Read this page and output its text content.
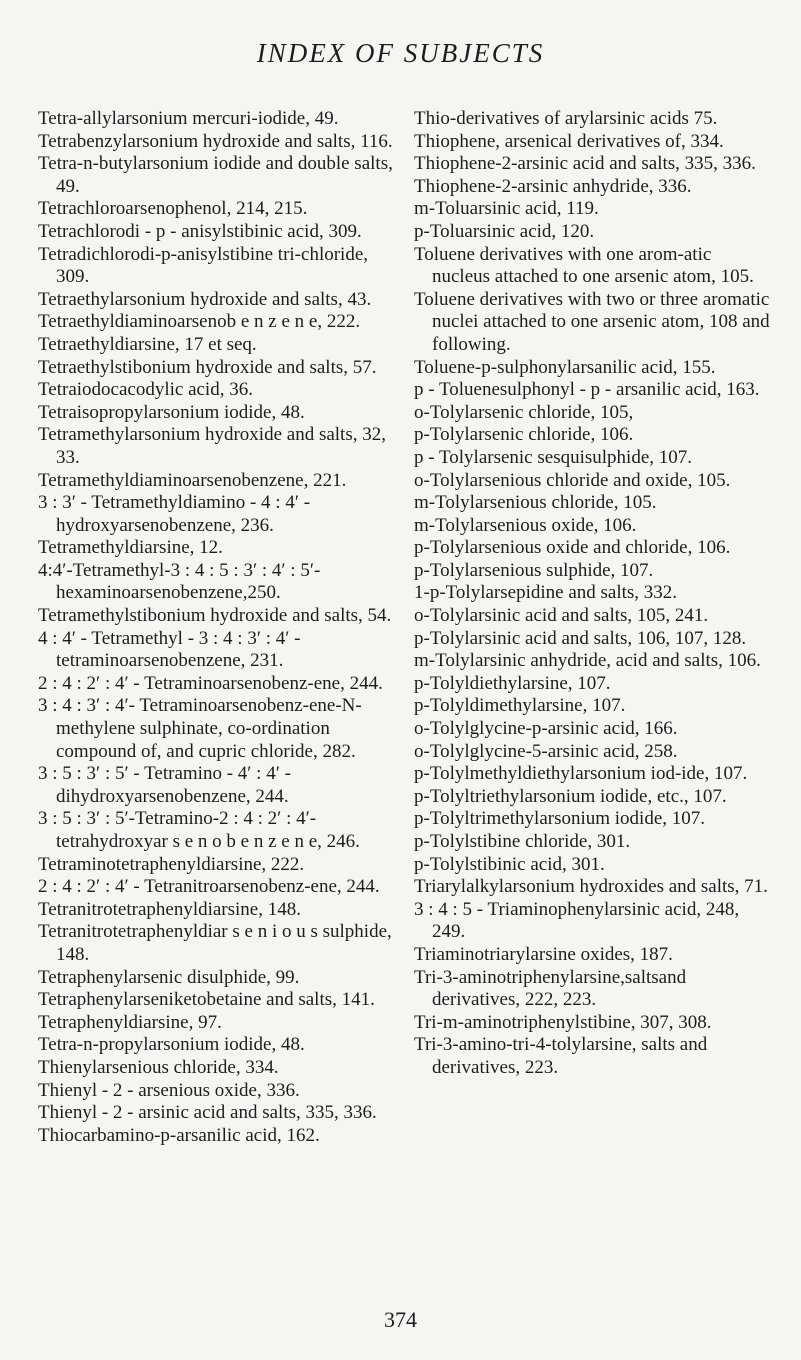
INDEX OF SUBJECTS
Tetra-allylarsonium mercuri-iodide, 49.
Tetrabenzylarsonium hydroxide and salts, 116.
Tetra-n-butylarsonium iodide and double salts, 49.
Tetrachloroarsenophenol, 214, 215.
Tetrachlorodi - p - anisylstibinic acid, 309.
Tetradichlorodi-p-anisylstibine tri-chloride, 309.
Tetraethylarsonium hydroxide and salts, 43.
Tetraethyldiaminoarsenob e n z e n e, 222.
Tetraethyldiarsine, 17 et seq.
Tetraethylstibonium hydroxide and salts, 57.
Tetraiodocacodylic acid, 36.
Tetraisopropylarsonium iodide, 48.
Tetramethylarsonium hydroxide and salts, 32, 33.
Tetramethyldiaminoarsenobenzene, 221.
3 : 3′ - Tetramethyldiamino - 4 : 4′ - hydroxyarsenobenzene, 236.
Tetramethyldiarsine, 12.
4:4′-Tetramethyl-3 : 4 : 5 : 3′ : 4′ : 5′-hexaminoarsenobenzene,250.
Tetramethylstibonium hydroxide and salts, 54.
4 : 4′ - Tetramethyl - 3 : 4 : 3′ : 4′ - tetraminoarsenobenzene, 231.
2 : 4 : 2′ : 4′ - Tetraminoarsenobenz-ene, 244.
3 : 4 : 3′ : 4′- Tetraminoarsenobenz-ene-N-methylene sulphinate, co-ordination compound of, and cupric chloride, 282.
3 : 5 : 3′ : 5′ - Tetramino - 4′ : 4′ - dihydroxyarsenobenzene, 244.
3 : 5 : 3′ : 5′-Tetramino-2 : 4 : 2′ : 4′-tetrahydroxyar s e n o b e n z e n e, 246.
Tetraminotetraphenyldiarsine, 222.
2 : 4 : 2′ : 4′ - Tetranitroarsenobenz-ene, 244.
Tetranitrotetraphenyldiarsine, 148.
Tetranitrotetraphenyldiar s e n i o u s sulphide, 148.
Tetraphenylarsenic disulphide, 99.
Tetraphenylarseniketobetaine and salts, 141.
Tetraphenyldiarsine, 97.
Tetra-n-propylarsonium iodide, 48.
Thienylarsenious chloride, 334.
Thienyl - 2 - arsenious oxide, 336.
Thienyl - 2 - arsinic acid and salts, 335, 336.
Thiocarbamino-p-arsanilic acid, 162.
Thio-derivatives of arylarsinic acids 75.
Thiophene, arsenical derivatives of, 334.
Thiophene-2-arsinic acid and salts, 335, 336.
Thiophene-2-arsinic anhydride, 336.
m-Toluarsinic acid, 119.
p-Toluarsinic acid, 120.
Toluene derivatives with one arom-atic nucleus attached to one arsenic atom, 105.
Toluene derivatives with two or three aromatic nuclei attached to one arsenic atom, 108 and following.
Toluene-p-sulphonylarsanilic acid, 155.
p - Toluenesulphonyl - p - arsanilic acid, 163.
o-Tolylarsenic chloride, 105,
p-Tolylarsenic chloride, 106.
p - Tolylarsenic sesquisulphide, 107.
o-Tolylarsenious chloride and oxide, 105.
m-Tolylarsenious chloride, 105.
m-Tolylarsenious oxide, 106.
p-Tolylarsenious oxide and chloride, 106.
p-Tolylarsenious sulphide, 107.
1-p-Tolylarsepidine and salts, 332.
o-Tolylarsinic acid and salts, 105, 241.
p-Tolylarsinic acid and salts, 106, 107, 128.
m-Tolylarsinic anhydride, acid and salts, 106.
p-Tolyldiethylarsine, 107.
p-Tolyldimethylarsine, 107.
o-Tolylglycine-p-arsinic acid, 166.
o-Tolylglycine-5-arsinic acid, 258.
p-Tolylmethyldiethylarsonium iod-ide, 107.
p-Tolyltriethylarsonium iodide, etc., 107.
p-Tolyltrimethylarsonium iodide, 107.
p-Tolylstibine chloride, 301.
p-Tolylstibinic acid, 301.
Triarylalkylarsonium hydroxides and salts, 71.
3 : 4 : 5 - Triaminophenylarsinic acid, 248, 249.
Triaminotriarylarsine oxides, 187.
Tri-3-aminotriphenylarsine,saltsand derivatives, 222, 223.
Tri-m-aminotriphenylstibine, 307, 308.
Tri-3-amino-tri-4-tolylarsine, salts and derivatives, 223.
374
